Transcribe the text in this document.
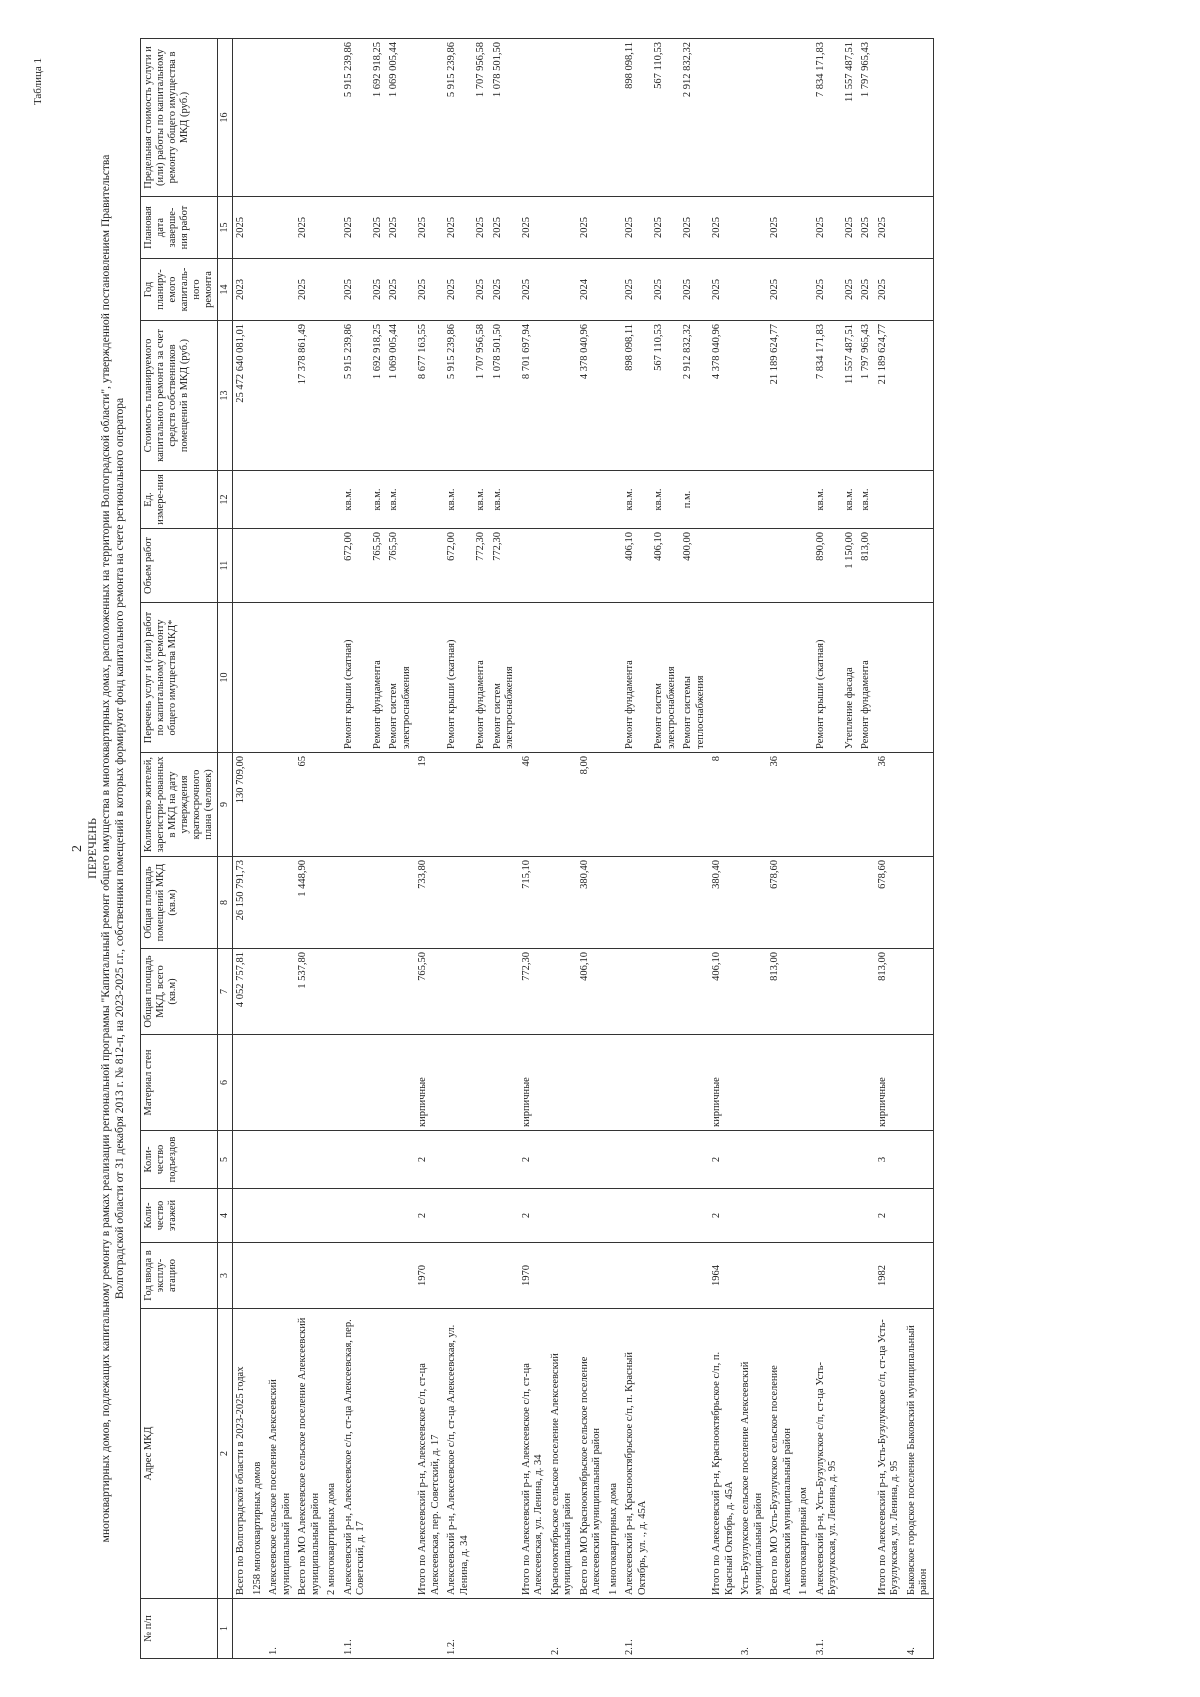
2
Таблица 1
ПЕРЕЧЕНЬ многоквартирных домов, подлежащих капитальному ремонту в рамках реализации региональной программы "Капитальный ремонт общего имущества в многоквартирных домах, расположенных на территории Волгоградской области", утвержденной постановлением Правительства Волгоградской области от 31 декабря 2013 г. № 812-п, на 2023-2025 г.г., собственники помещений в которых формируют фонд капитального ремонта на счете регионального оператора
№ п/п	Адрес МКД	Год ввода в эксплу-атацию	Коли-чество этажей	Коли-чество подъездов	Материал стен	Общая площадь МКД, всего (кв.м)	Общая площадь помещений МКД (кв.м)	Количество жителей, зарегистри-рованных в МКД на дату утверждения краткосрочного плана (человек)	Перечень услуг и (или) работ по капитальному ремонту общего имущества МКД*	Объем работ	Ед. измере-ния	Стоимость планируемого капитального ремонта за счет средств собственников помещений в МКД (руб.)	Год планиру-емого капиталь-ного ремонта	Плановая дата заверше-ния работ	Предельная стоимость услуги и (или) работы по капитальному ремонту общего имущества в МКД (руб.)
1	2	3	4	5	6	7	8	9	10	11	12	13	14	15	16
	Всего по Волгоградской области в 2023-2025 годах					4 052 757,81	26 150 791,73	130 709,00				25 472 640 081,01	2023	2025	
	1258 многоквартирных домов														
1.	Алексеевское сельское поселение Алексеевский муниципальный район														
	Всего по МО Алексеевское сельское поселение Алексеевский муниципальный район					1 537,80	1 448,90	65				17 378 861,49	2025	2025	
	2 многоквартирных дома														
1.1.	Алексеевский р-н, Алексеевское с/п, ст-ца Алексеевская, пер. Советский, д. 17								Ремонт крыши (скатная)	672,00	кв.м.	5 915 239,86	2025	2025	5 915 239,86
									Ремонт фундамента	765,50	кв.м.	1 692 918,25	2025	2025	1 692 918,25
									Ремонт систем электроснабжения	765,50	кв.м.	1 069 005,44	2025	2025	1 069 005,44
	Итого по Алексеевский р-н, Алексеевское с/п, ст-ца Алексеевская, пер. Советский, д. 17	1970	2	2	кирпичные	765,50	733,80	19				8 677 163,55	2025	2025	
1.2.	Алексеевский р-н, Алексеевское с/п, ст-ца Алексеевская, ул. Ленина, д. 34								Ремонт крыши (скатная)	672,00	кв.м.	5 915 239,86	2025	2025	5 915 239,86
									Ремонт фундамента	772,30	кв.м.	1 707 956,58	2025	2025	1 707 956,58
									Ремонт систем электроснабжения	772,30	кв.м.	1 078 501,50	2025	2025	1 078 501,50
	Итого по Алексеевский р-н, Алексеевское с/п, ст-ца Алексеевская, ул. Ленина, д. 34	1970	2	2	кирпичные	772,30	715,10	46				8 701 697,94	2025	2025	
2.	Краснооктябрьское сельское поселение Алексеевский муниципальный район														
	Всего по МО Краснооктябрьское сельское поселение Алексеевский муниципальный район					406,10	380,40	8,00				4 378 040,96	2024	2025	
	1 многоквартирных дома														
2.1.	Алексеевский р-н, Краснооктябрьское с/п, п. Красный Октябрь, ул. ., д. 45А								Ремонт фундамента	406,10	кв.м.	898 098,11	2025	2025	898 098,11
									Ремонт систем электроснабжения	406,10	кв.м.	567 110,53	2025	2025	567 110,53
									Ремонт системы теплоснабжения	400,00	п.м.	2 912 832,32	2025	2025	2 912 832,32
	Итого по Алексеевский р-н, Краснооктябрьское с/п, п. Красный Октябрь, д. 45А	1964	2	2	кирпичные	406,10	380,40	8				4 378 040,96	2025	2025	
3.	Усть-Бузулукское сельское поселение Алексеевский муниципальный район														
	Всего по МО Усть-Бузулукское сельское поселение Алексеевский муниципальный район					813,00	678,60	36				21 189 624,77	2025	2025	
	1 многоквартирный дом														
3.1.	Алексеевский р-н, Усть-Бузулукское с/п, ст-ца Усть-Бузулукская, ул. Ленина, д. 95								Ремонт крыши (скатная)	890,00	кв.м.	7 834 171,83	2025	2025	7 834 171,83
									Утепление фасада	1 150,00	кв.м.	11 557 487,51	2025	2025	11 557 487,51
									Ремонт фундамента	813,00	кв.м.	1 797 965,43	2025	2025	1 797 965,43
	Итого по Алексеевский р-н, Усть-Бузулукское с/п, ст-ца Усть-Бузулукская, ул. Ленина, д. 95	1982	2	3	кирпичные	813,00	678,60	36				21 189 624,77	2025	2025	
4.	Быковское городское поселение Быковский муниципальный район														
